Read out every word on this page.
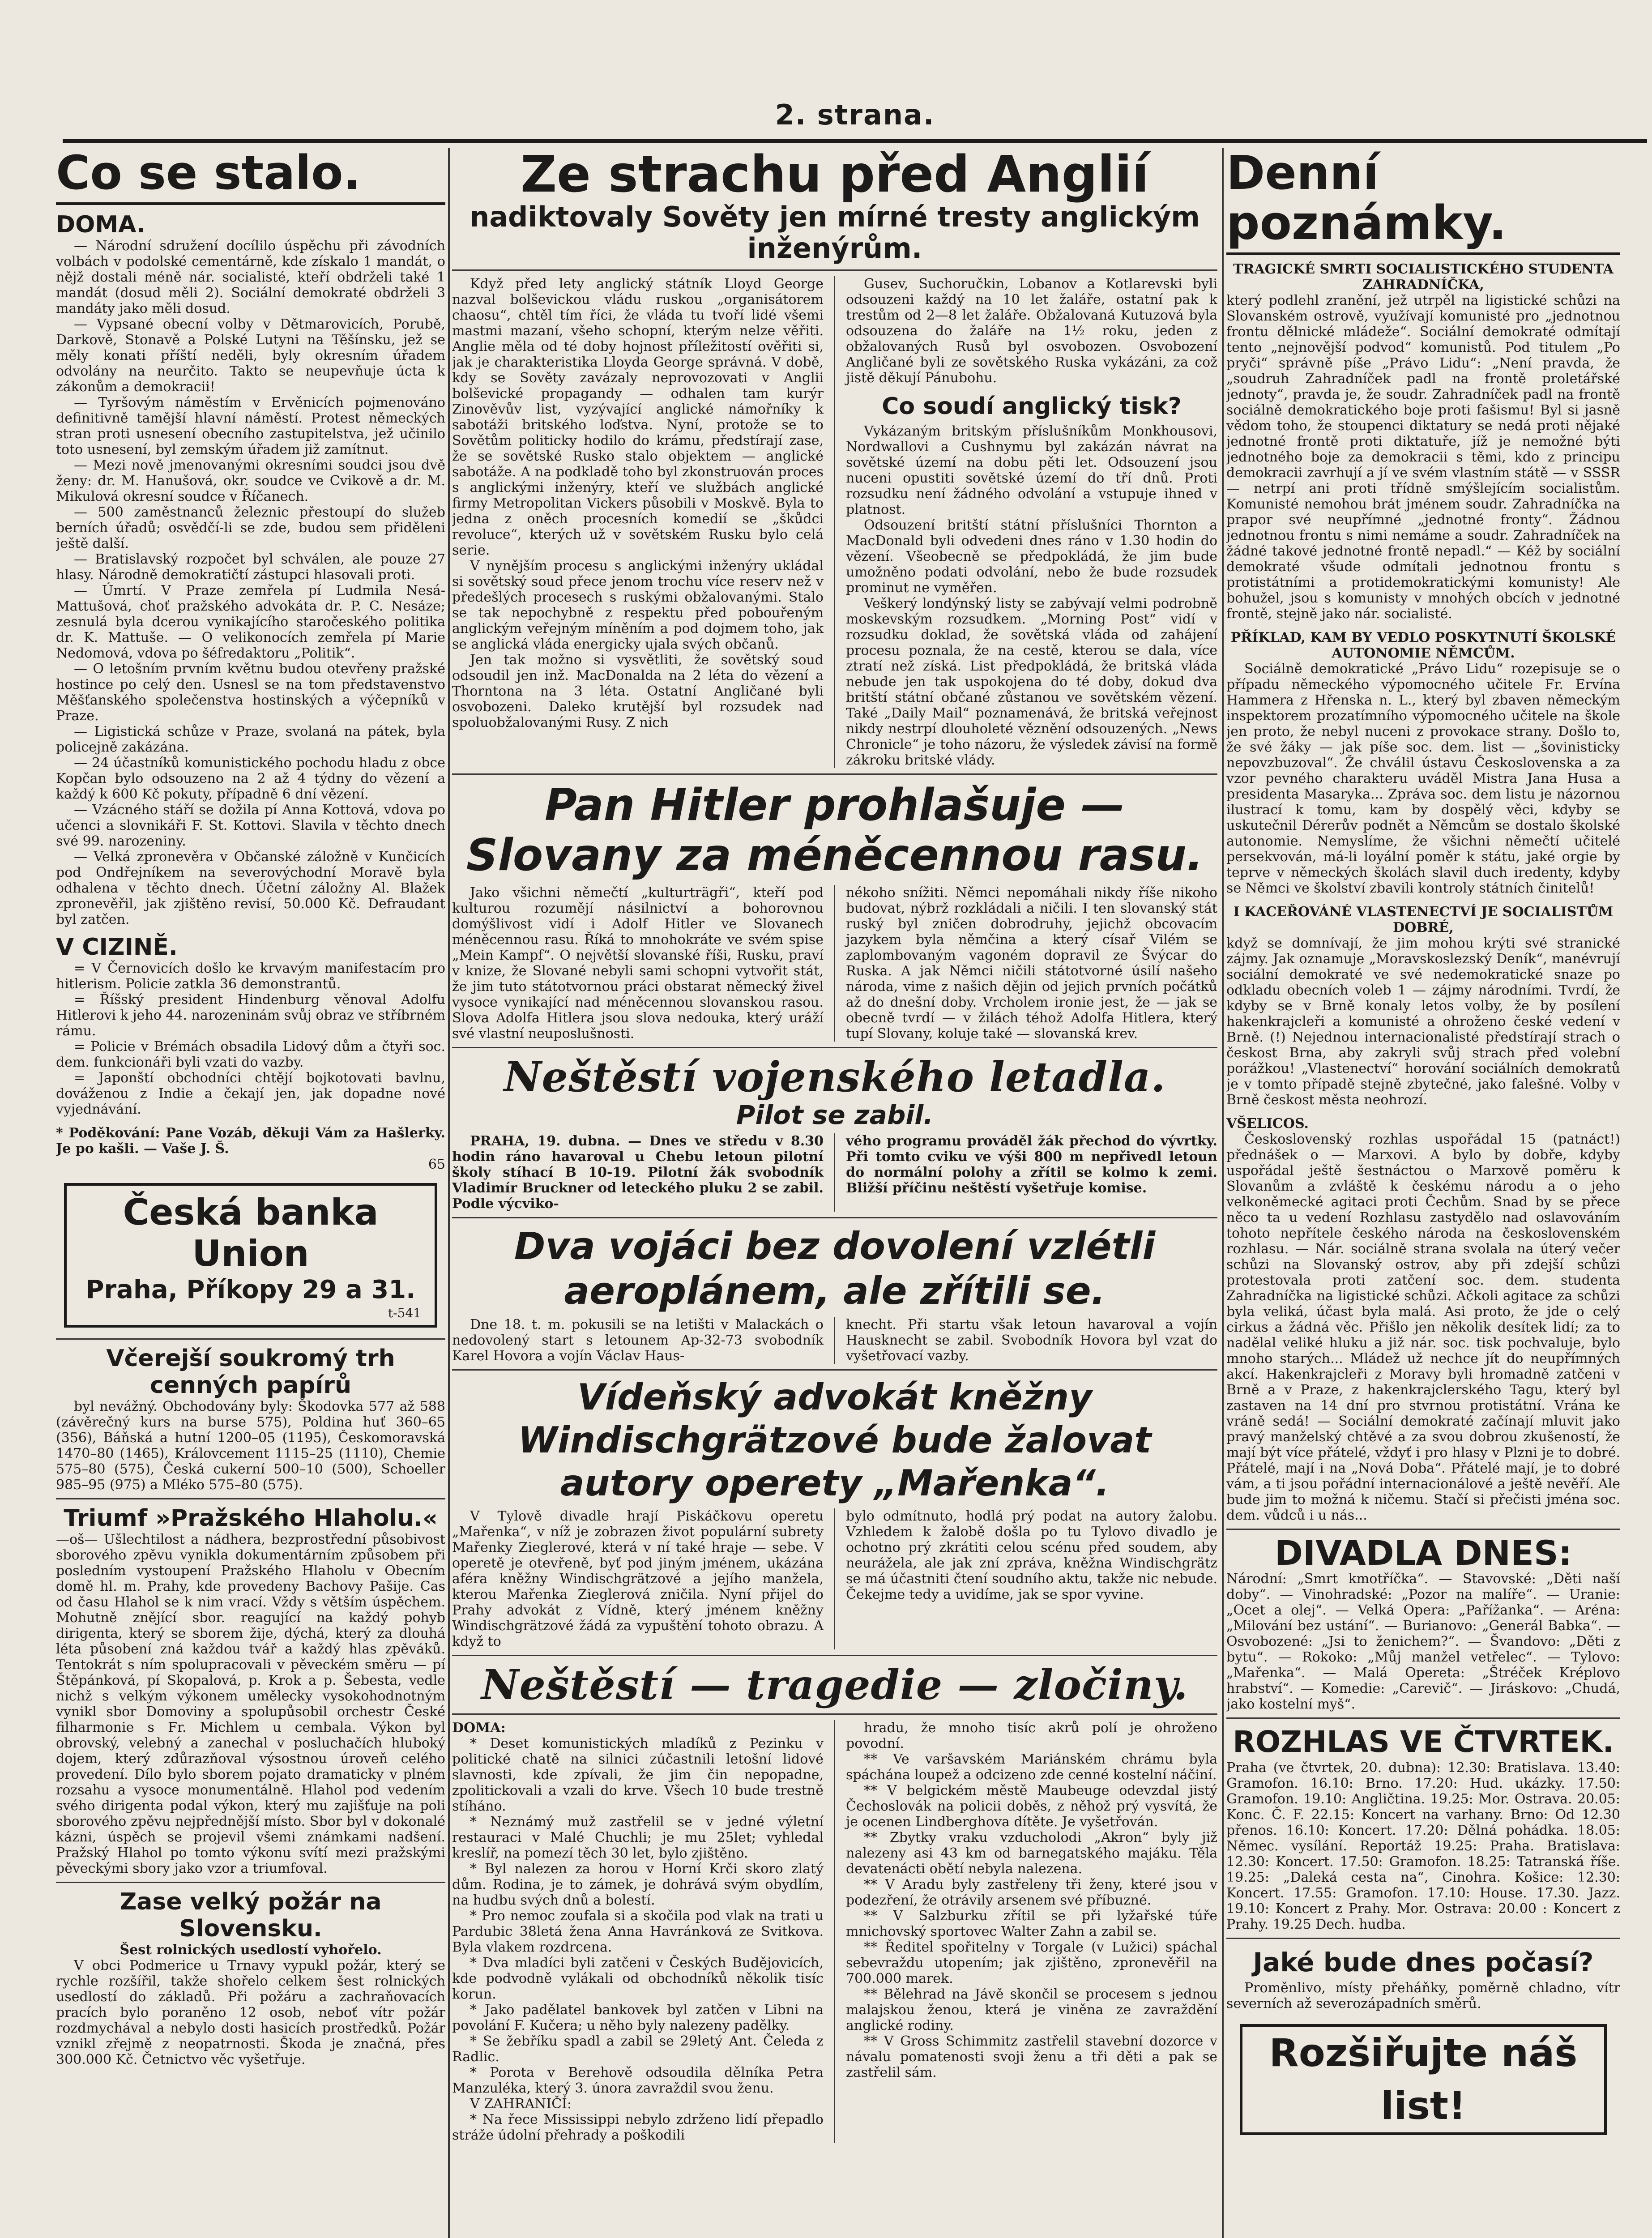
2. strana.
Co se stalo.
DOMA.

— Národní sdružení docílilo úspěchu při závodních volbách v podolské cementárně, kde získalo 1 mandát, o nějž dostali méně nár. socialisté, kteří obdrželi také 1 mandát (dosud měli 2). Sociální demokraté obdrželi 3 mandáty jako měli dosud.

— Vypsané obecní volby v Dětmarovicích, Porubě, Darkově, Stonavě a Polské Lutyni na Těšínsku, jež se měly konati příští neděli, byly okresním úřadem odvolány na neurčito. Takto se neupevňuje úcta k zákonům a demokracii!

— Tyršovým náměstím v Ervěnicích pojmenováno definitivně tamější hlavní náměstí. Protest německých stran proti usnesení obecního zastupitelstva, jež učinilo toto usnesení, byl zemským úřadem již zamítnut.

— Mezi nově jmenovanými okresními soudci jsou dvě ženy: dr. M. Hanušová, okr. soudce ve Cvikově a dr. M. Mikulová okresní soudce v Říčanech.

— 500 zaměstnanců železnic přestoupí do služeb berních úřadů; osvědčí-li se zde, budou sem přiděleni ještě další.

— Bratislavský rozpočet byl schválen, ale pouze 27 hlasy. Národně demokratičtí zástupci hlasovali proti.

— Úmrtí. V Praze zemřela pí Ludmila Nesá-Mattušová, choť pražského advokáta dr. P. C. Nesáze; zesnulá byla dcerou vynikajícího staročeského politika dr. K. Mattuše. — O velikonocích zemřela pí Marie Nedomová, vdova po šéfredaktoru „Politik“.

— O letošním prvním květnu budou otevřeny pražské hostince po celý den. Usnesl se na tom představenstvo Měšťanského společenstva hostinských a výčepníků v Praze.

— Ligistická schůze v Praze, svolaná na pátek, byla policejně zakázána.

— 24 účastníků komunistického pochodu hladu z obce Kopčan bylo odsouzeno na 2 až 4 týdny do vězení a každý k 600 Kč pokuty, případně 6 dní vězení.

— Vzácného stáří se dožila pí Anna Kottová, vdova po učenci a slovnikáři F. St. Kottovi. Slavila v těchto dnech své 99. narozeniny.

— Velká zpronevěra v Občanské záložně v Kunčicích pod Ondřejníkem na severovýchodní Moravě byla odhalena v těchto dnech. Účetní záložny Al. Blažek zpronevěřil, jak zjištěno revisí, 50.000 Kč. Defraudant byl zatčen.

V CIZINĚ.

= V Černovicích došlo ke krvavým manifestacím pro hitlerism. Policie zatkla 36 demonstrantů.

= Říšský president Hindenburg věnoval Adolfu Hitlerovi k jeho 44. narozeninám svůj obraz ve stříbrném rámu.

= Policie v Brémách obsadila Lidový dům a čtyři soc. dem. funkcionáři byli vzati do vazby.

= Japonští obchodníci chtějí bojkotovati bavlnu, dováženou z Indie a čekají jen, jak dopadne nové vyjednávání.

* Poděkování: Pane Vozáb, děkuji Vám za Hašlerky. Je po kašli. — Vaše J. Š.

65

Česká banka Union
Praha, Příkopy 29 a 31.
t-541
Včerejší soukromý trh cenných papírů

byl nevážný. Obchodovány byly: Škodovka 577 až 588 (závěrečný kurs na burse 575), Poldina huť 360–65 (356), Báňská a hutní 1200–05 (1195), Českomoravská 1470–80 (1465), Královcement 1115–25 (1110), Chemie 575–80 (575), Česká cukerní 500–10 (500), Schoeller 985–95 (975) a Mléko 575–80 (575).

Triumf »Pražského Hlaholu.«

—oš— Ušlechtilost a nádhera, bezprostřední působivost sborového zpěvu vynikla dokumentárním způsobem při posledním vystoupení Pražského Hlaholu v Obecním domě hl. m. Prahy, kde provedeny Bachovy Pašije. Cas od času Hlahol se k nim vrací. Vždy s větším úspěchem. Mohutně znějící sbor. reagující na každý pohyb dirigenta, který se sborem žije, dýchá, který za dlouhá léta působení zná každou tvář a každý hlas zpěváků. Tentokrát s ním spolupracovali v pěveckém směru — pí Štěpánková, pí Skopalová, p. Krok a p. Šebesta, vedle nichž s velkým výkonem umělecky vysokohodnotným vynikl sbor Domoviny a spolupůsobil orchestr České filharmonie s Fr. Michlem u cembala. Výkon byl obrovský, velebný a zanechal v posluchačích hluboký dojem, který zdůrazňoval výsostnou úroveň celého provedení. Dílo bylo sborem pojato dramaticky v plném rozsahu a vysoce monumentálně. Hlahol pod vedením svého dirigenta podal výkon, který mu zajišťuje na poli sborového zpěvu nejpřednější místo. Sbor byl v dokonalé kázni, úspěch se projevil všemi známkami nadšení. Pražský Hlahol po tomto výkonu svítí mezi pražskými pěveckými sbory jako vzor a triumfoval.

Zase velký požár na Slovensku.

Šest rolnických usedlostí vyhořelo.

V obci Podmerice u Trnavy vypukl požár, který se rychle rozšířil, takže shořelo celkem šest rolnických usedlostí do základů. Při požáru a zachraňovacích pracích bylo poraněno 12 osob, neboť vítr požár rozdmychával a nebylo dosti hasicích prostředků. Požár vznikl zřejmě z neopatrnosti. Škoda je značná, přes 300.000 Kč. Četnictvo věc vyšetřuje.

Ze strachu před Anglií
nadiktovaly Sověty jen mírné tresty anglickým inženýrům.

Když před lety anglický státník Lloyd George nazval bolševickou vládu ruskou „organisátorem chaosu“, chtěl tím říci, že vláda tu tvoří lidé všemi mastmi mazaní, všeho schopní, kterým nelze věřiti. Anglie měla od té doby hojnost příležitostí ověřiti si, jak je charakteristika Lloyda George správná. V době, kdy se Sověty zavázaly neprovozovati v Anglii bolševické propagandy — odhalen tam kurýr Zinověvův list, vyzývající anglické námořníky k sabotáži britského loďstva. Nyní, protože se to Sovětům politicky hodilo do krámu, předstírají zase, že se sovětské Rusko stalo objektem — anglické sabotáže. A na podkladě toho byl zkonstruován proces s anglickými inženýry, kteří ve službách anglické firmy Metropolitan Vickers působili v Moskvě. Byla to jedna z oněch procesních komedií se „škůdci revoluce“, kterých už v sovětském Rusku bylo celá serie.

V nynějším procesu s anglickými inženýry ukládal si sovětský soud přece jenom trochu více reserv než v předešlých procesech s ruskými obžalovanými. Stalo se tak nepochybně z respektu před pobouřeným anglickým veřejným míněním a pod dojmem toho, jak se anglická vláda energicky ujala svých občanů.

Jen tak možno si vysvětliti, že sovětský soud odsoudil jen inž. MacDonalda na 2 léta do vězení a Thorntona na 3 léta. Ostatní Angličané byli osvobozeni. Daleko krutější byl rozsudek nad spoluobžalovanými Rusy. Z nich

Gusev, Suchoručkin, Lobanov a Kotlarevski byli odsouzeni každý na 10 let žaláře, ostatní pak k trestům od 2—8 let žaláře. Obžalovaná Kutuzová byla odsouzena do žaláře na 1½ roku, jeden z obžalovaných Rusů byl osvobozen. Osvobození Angličané byli ze sovětského Ruska vykázáni, za což jistě děkují Pánubohu.

Co soudí anglický tisk?

Vykázaným britským příslušníkům Monkhousovi, Nordwallovi a Cushnymu byl zakázán návrat na sovětské území na dobu pěti let. Odsouzení jsou nuceni opustiti sovětské území do tří dnů. Proti rozsudku není žádného odvolání a vstupuje ihned v platnost.

Odsouzení britští státní příslušníci Thornton a MacDonald byli odvedeni dnes ráno v 1.30 hodin do vězení. Všeobecně se předpokládá, že jim bude umožněno podati odvolání, nebo že bude rozsudek prominut ne vyměřen.

Veškerý londýnský listy se zabývají velmi podrobně moskevským rozsudkem. „Morning Post“ vidí v rozsudku doklad, že sovětská vláda od zahájení procesu poznala, že na cestě, kterou se dala, více ztratí než získá. List předpokládá, že britská vláda nebude jen tak uspokojena do té doby, dokud dva britští státní občané zůstanou ve sovětském vězení. Také „Daily Mail“ poznamenává, že britská veřejnost nikdy nestrpí dlouholeté věznění odsouzených. „News Chronicle“ je toho názoru, že výsledek závisí na formě zákroku britské vlády.

Pan Hitler prohlašuje — Slovany za méněcennou rasu.

Jako všichni němečtí „kulturträgři“, kteří pod kulturou rozumějí násilnictví a bohorovnou domýšlivost vidí i Adolf Hitler ve Slovanech méněcennou rasu. Říká to mnohokráte ve svém spise „Mein Kampf“. O největší slovanské říši, Rusku, praví v knize, že Slované nebyli sami schopni vytvořit stát, že jim tuto státotvornou práci obstarat německý živel vysoce vynikající nad méněcennou slovanskou rasou. Slova Adolfa Hitlera jsou slova nedouka, který uráží své vlastní neuposlušnosti.

nékoho snížiti. Němci nepomáhali nikdy říše nikoho budovat, nýbrž rozkládali a ničili. I ten slovanský stát ruský byl zničen dobrodruhy, jejichž obcovacím jazykem byla němčina a který císař Vilém se zaplombovaným vagoném dopravil ze Švýcar do Ruska. A jak Němci ničili státotvorné úsilí našeho národa, vime z našich dějin od jejich prvních počátků až do dnešní doby. Vrcholem ironie jest, že — jak se obecně tvrdí — v žilách téhož Adolfa Hitlera, který tupí Slovany, koluje také — slovanská krev.

Neštěstí vojenského letadla.
Pilot se zabil.

PRAHA, 19. dubna. — Dnes ve středu v 8.30 hodin ráno havaroval u Chebu letoun pilotní školy stíhací B 10-19. Pilotní žák svobodník Vladimír Bruckner od leteckého pluku 2 se zabil. Podle výcviko-

vého programu prováděl žák přechod do vývrtky. Při tomto cviku ve výši 800 m nepřivedl letoun do normální polohy a zřítil se kolmo k zemi. Bližší příčinu neštěstí vyšetřuje komise.

Dva vojáci bez dovolení vzlétli aeroplánem, ale zřítili se.

Dne 18. t. m. pokusili se na letišti v Malackách o nedovolený start s letounem Ap-32-73 svobodník Karel Hovora a vojín Václav Haus-

knecht. Při startu však letoun havaroval a vojín Hausknecht se zabil. Svobodník Hovora byl vzat do vyšetřovací vazby.

Vídeňský advokát kněžny Windischgrätzové bude žalovat autory operety „Mařenka“.

V Tylově divadle hrají Piskáčkovu operetu „Mařenka“, v níž je zobrazen život populární subrety Mařenky Zieglerové, která v ní také hraje — sebe. V operetě je otevřeně, byť pod jiným jménem, ukázána aféra kněžny Windischgrätzové a jejího manžela, kterou Mařenka Zieglerová zničila. Nyní přijel do Prahy advokát z Vídně, který jménem kněžny Windischgrätzové žádá za vypuštění tohoto obrazu. A když to

bylo odmítnuto, hodlá prý podat na autory žalobu. Vzhledem k žalobě došla po tu Tylovo divadlo je ochotno prý zkrátiti celou scénu před soudem, aby neurážela, ale jak zní zpráva, kněžna Windischgrätz se má účastniti čtení soudního aktu, takže nic nebude. Čekejme tedy a uvidíme, jak se spor vyvine.

Neštěstí — tragedie — zločiny.

DOMA:

* Deset komunistických mladíků z Pezinku v politické chatě na silnici zúčastnili letošní lidové slavnosti, kde zpívali, že jim čin nepopadne, zpolitickovali a vzali do krve. Všech 10 bude trestně stíháno.

* Neznámý muž zastřelil se v jedné výletní restauraci v Malé Chuchli; je mu 25let; vyhledal kreslíř, na pomezí těch 30 let, bylo zjištěno.

* Byl nalezen za horou v Horní Krči skoro zlatý dům. Rodina, je to zámek, je dohrává svým obydlím, na hudbu svých dnů a bolestí.

* Pro nemoc zoufala si a skočila pod vlak na trati u Pardubic 38letá žena Anna Havránková ze Svitkova. Byla vlakem rozdrcena.

* Dva mladíci byli zatčeni v Českých Budějovicích, kde podvodně vylákali od obchodníků několik tisíc korun.

* Jako padělatel bankovek byl zatčen v Libni na povolání F. Kučera; u něho byly nalezeny padělky.

* Se žebříku spadl a zabil se 29letý Ant. Čeleda z Radlic.

* Porota v Berehově odsoudila dělníka Petra Manzuléka, který 3. února zavraždil svou ženu.

V ZAHRANIČÍ:

* Na řece Mississippi nebylo zdrženo lidí přepadlo stráže údolní přehrady a poškodili

hradu, že mnoho tisíc akrů polí je ohroženo povodní.

** Ve varšavském Mariánském chrámu byla spáchána loupež a odcizeno zde cenné kostelní náčiní.

** V belgickém městě Maubeuge odevzdal jistý Čechoslovák na policii doběs, z něhož prý vysvítá, že je ocenen Lindberghova dítěte. Je vyšetřován.

** Zbytky vraku vzducholodi „Akron“ byly již nalezeny asi 43 km od barnegatského majáku. Těla devatenácti obětí nebyla nalezena.

** V Aradu byly zastřeleny tři ženy, které jsou v podezření, že otrávily arsenem své příbuzné.

** V Salzburku zřítil se při lyžařské túře mnichovský sportovec Walter Zahn a zabil se.

** Ředitel spořitelny v Torgale (v Lužici) spáchal sebevraždu utopením; jak zjištěno, zpronevěřil na 700.000 marek.

** Bělehrad na Jávě skončil se procesem s jednou malajskou ženou, která je viněna ze zavraždění anglické rodiny.

** V Gross Schimmitz zastřelil stavební dozorce v návalu pomatenosti svoji ženu a tři děti a pak se zastřelil sám.

Denní poznámky.

TRAGICKÉ SMRTI SOCIALISTICKÉHO STUDENTA ZAHRADNÍČKA,

který podlehl zranění, jež utrpěl na ligistické schůzi na Slovanském ostrově, využívají komunisté pro „jednotnou frontu dělnické mládeže“. Sociální demokraté odmítají tento „nejnovější podvod“ komunistů. Pod titulem „Po pryči“ správně píše „Právo Lidu“: „Není pravda, že „soudruh Zahradníček padl na frontě proletářské jednoty“, pravda je, že soudr. Zahradníček padl na frontě sociálně demokratického boje proti fašismu! Byl si jasně vědom toho, že stoupenci diktatury se nedá proti nějaké jednotné frontě proti diktatuře, jíž je nemožné býti jednotného boje za demokracii s těmi, kdo z principu demokracii zavrhují a jí ve svém vlastním státě — v SSSR — netrpí ani proti třídně smýšlejícím socialistům. Komunisté nemohou brát jménem soudr. Zahradníčka na prapor své neupřímné „jednotné fronty“. Žádnou jednotnou frontu s nimi nemáme a soudr. Zahradníček na žádné takové jednotné frontě nepadl.“ — Kéž by sociální demokraté všude odmítali jednotnou frontu s protistátními a protidemokratickými komunisty! Ale bohužel, jsou s komunisty v mnohých obcích v jednotné frontě, stejně jako nár. socialisté.

PŘÍKLAD, KAM BY VEDLO POSKYTNUTÍ ŠKOLSKÉ AUTONOMIE NĚMCŮM.

Sociálně demokratické „Právo Lidu“ rozepisuje se o případu německého výpomocného učitele Fr. Ervína Hammera z Hřenska n. L., který byl zbaven německým inspektorem prozatímního výpomocného učitele na škole jen proto, že nebyl nuceni z provokace strany. Došlo to, že své žáky — jak píše soc. dem. list — „šovinisticky nepovzbuzoval“. Že chválil ústavu Československa a za vzor pevného charakteru uváděl Mistra Jana Husa a presidenta Masaryka... Zpráva soc. dem listu je názornou ilustrací k tomu, kam by dospělý věci, kdyby se uskutečnil Dérerův podnět a Němcům se dostalo školské autonomie. Nemyslíme, že všichni němečtí učitelé persekvován, má-li loyální poměr k státu, jaké orgie by teprve v německých školách slavil duch iredenty, kdyby se Němci ve školství zbavili kontroly státních činitelů!

I KACEŘOVÁNÉ VLASTENECTVÍ JE SOCIALISTŮM DOBRÉ,

když se domnívají, že jim mohou krýti své stranické zájmy. Jak oznamuje „Moravskoslezský Deník“, manévrují sociální demokraté ve své nedemokratické snaze po odkladu obecních voleb 1 — zájmy národními. Tvrdí, že kdyby se v Brně konaly letos volby, že by posílení hakenkrajcleři a komunisté a ohroženo české vedení v Brně. (!) Nejednou internacionalisté předstírají strach o českost Brna, aby zakryli svůj strach před volební porážkou! „Vlastenectví“ horování sociálních demokratů je v tomto případě stejně zbytečné, jako falešné. Volby v Brně českost města neohrozí.

VŠELICOS.

Československý rozhlas uspořádal 15 (patnáct!) přednášek o — Marxovi. A bylo by dobře, kdyby uspořádal ještě šestnáctou o Marxově poměru k Slovanům a zvláště k českému národu a o jeho velkoněmecké agitaci proti Čechům. Snad by se přece něco ta u vedení Rozhlasu zastydělo nad oslavováním tohoto nepřítele českého národa na československém rozhlasu. — Nár. sociálně strana svolala na úterý večer schůzi na Slovanský ostrov, aby při zdejší schůzi protestovala proti zatčení soc. dem. studenta Zahradníčka na ligistické schůzi. Ačkoli agitace za schůzi byla veliká, účast byla malá. Asi proto, že jde o celý cirkus a žádná věc. Přišlo jen několik desítek lidí; za to nadělal veliké hluku a již nár. soc. tisk pochvaluje, bylo mnoho starých... Mládež už nechce jít do neupřímných akcí. Hakenkrajcleři z Moravy byli hromadně zatčeni v Brně a v Praze, z hakenkrajclerského Tagu, který byl zastaven na 14 dní pro stvrnou protistátní. Vrána ke vráně sedá! — Sociální demokraté začínají mluvit jako pravý manželský chtěvé a za svou dobrou zkušeností, že mají být více přátelé, vždyť i pro hlasy v Plzni je to dobré. Přátelé, mají i na „Nová Doba“. Přátelé mají, je to dobré vám, a ti jsou pořádní internacionálové a ještě nevěří. Ale bude jim to možná k ničemu. Stačí si přečisti jména soc. dem. vůdců i u nás...

DIVADLA DNES:

Národní: „Smrt kmotříčka“. — Stavovské: „Děti naší doby“. — Vinohradské: „Pozor na malíře“. — Uranie: „Ocet a olej“. — Velká Opera: „Pařížanka“. — Aréna: „Milování bez ustání“. — Burianovo: „Generál Babka“. — Osvobozené: „Jsi to ženichem?“. — Švandovo: „Děti z bytu“. — Rokoko: „Můj manžel vetřelec“. — Tylovo: „Mařenka“. — Malá Opereta: „Štréček Kréplovo hrabství“. — Komedie: „Carevič“. — Jiráskovo: „Chudá, jako kostelní myš“.

ROZHLAS VE ČTVRTEK.

Praha (ve čtvrtek, 20. dubna): 12.30: Bratislava. 13.40: Gramofon. 16.10: Brno. 17.20: Hud. ukázky. 17.50: Gramofon. 19.10: Angličtina. 19.25: Mor. Ostrava. 20.05: Konc. Č. F. 22.15: Koncert na varhany. Brno: Od 12.30 přenos. 16.10: Koncert. 17.20: Dělná pohádka. 18.05: Němec. vysílání. Reportáž 19.25: Praha. Bratislava: 12.30: Koncert. 17.50: Gramofon. 18.25: Tatranská říše. 19.25: „Daleká cesta na“, Cinohra. Košice: 12.30: Koncert. 17.55: Gramofon. 17.10: House. 17.30. Jazz. 19.10: Koncert z Prahy. Mor. Ostrava: 20.00 : Koncert z Prahy. 19.25 Dech. hudba.

Jaké bude dnes počasí?

Proměnlivo, místy přeháňky, poměrně chladno, vítr severních až severozápadních směrů.

Rozšiřujte náš list!
